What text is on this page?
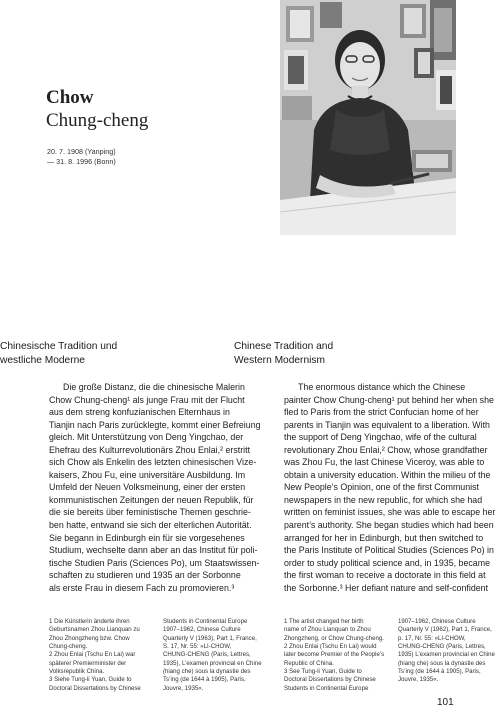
Chow
Chung-cheng
20. 7. 1908 (Yanping)
— 31. 8. 1996 (Bonn)
Chinesische Tradition und
westliche Moderne
Chinese Tradition and
Western Modernism
Die große Distanz, die die chinesische Malerin
Chow Chung-cheng¹ als junge Frau mit der Flucht
aus dem streng konfuzianischen Elternhaus in
Tianjin nach Paris zurücklegte, kommt einer Befreiung
gleich. Mit Unterstützung von Deng Yingchao, der
Ehefrau des Kulturrevolutionärs Zhou Enlai,² erstritt
sich Chow als Enkelin des letzten chinesischen Vize-
kaisers, Zhou Fu, eine universitäre Ausbildung. Im
Umfeld der Neuen Volksmeinung, einer der ersten
kommunistischen Zeitungen der neuen Republik, für
die sie bereits über feministische Themen geschrie-
ben hatte, entwand sie sich der elterlichen Autorität.
Sie begann in Edinburgh ein für sie vorgesehenes
Studium, wechselte dann aber an das Institut für poli-
tische Studien Paris (Sciences Po), um Staatswissen-
schaften zu studieren und 1935 an der Sorbonne
als erste Frau in diesem Fach zu promovieren.³
The enormous distance which the Chinese
painter Chow Chung-cheng¹ put behind her when she
fled to Paris from the strict Confucian home of her
parents in Tianjin was equivalent to a liberation. With
the support of Deng Yingchao, wife of the cultural
revolutionary Zhou Enlai,² Chow, whose grandfather
was Zhou Fu, the last Chinese Viceroy, was able to
obtain a university education. Within the milieu of the
New People’s Opinion, one of the first Communist
newspapers in the new republic, for which she had
written on feminist issues, she was able to escape her
parent’s authority. She began studies which had been
arranged for her in Edinburgh, but then switched to
the Paris Institute of Political Studies (Sciences Po) in
order to study political science and, in 1935, became
the first woman to receive a doctorate in this field at
the Sorbonne.³ Her defiant nature and self-confident
1 Die Künstlerin änderte ihren
Geburtsnamen Zhou Lianquan zu
Zhou Zhongzheng bzw. Chow
Chung-cheng.
2 Zhou Enlai (Tschu En Lai) war
späterer Premierminister der
Volksrepublik China.
3 Siehe Tung-li Yuan, Guide to
Doctoral Dissertations by Chinese
Students in Continental Europe
1907–1962, Chinese Culture
Quarterly V (1963), Part 1, France,
S. 17, Nr. 55: »LI-CHOW,
CHUNG-CHENG (Paris, Lettres,
1935), L’examen provincial en Chine
(hiang che) sous la dynastie des
Ts’ing (de 1644 à 1905), Paris,
Jouvre, 1935«.
1 The artist changed her birth
name of Zhou Lianquan to Zhou
Zhongzheng, or Chow Chung-cheng.
2 Zhou Enlai (Tschu En Lai) would
later become Premier of the People’s
Republic of China.
3 See Tung-li Yuan, Guide to
Doctoral Dissertations by Chinese
Students in Continental Europe
1907–1962, Chinese Culture
Quarterly V (1962), Part 1, France,
p. 17, Nr. 55: »LI-CHOW,
CHUNG-CHENG (Paris, Lettres,
1935) L’examen provincial en Chine
(hiang che) sous la dynastie des
Ts’ing (de 1644 à 1905), Paris,
Jouvre, 1935«.
101
